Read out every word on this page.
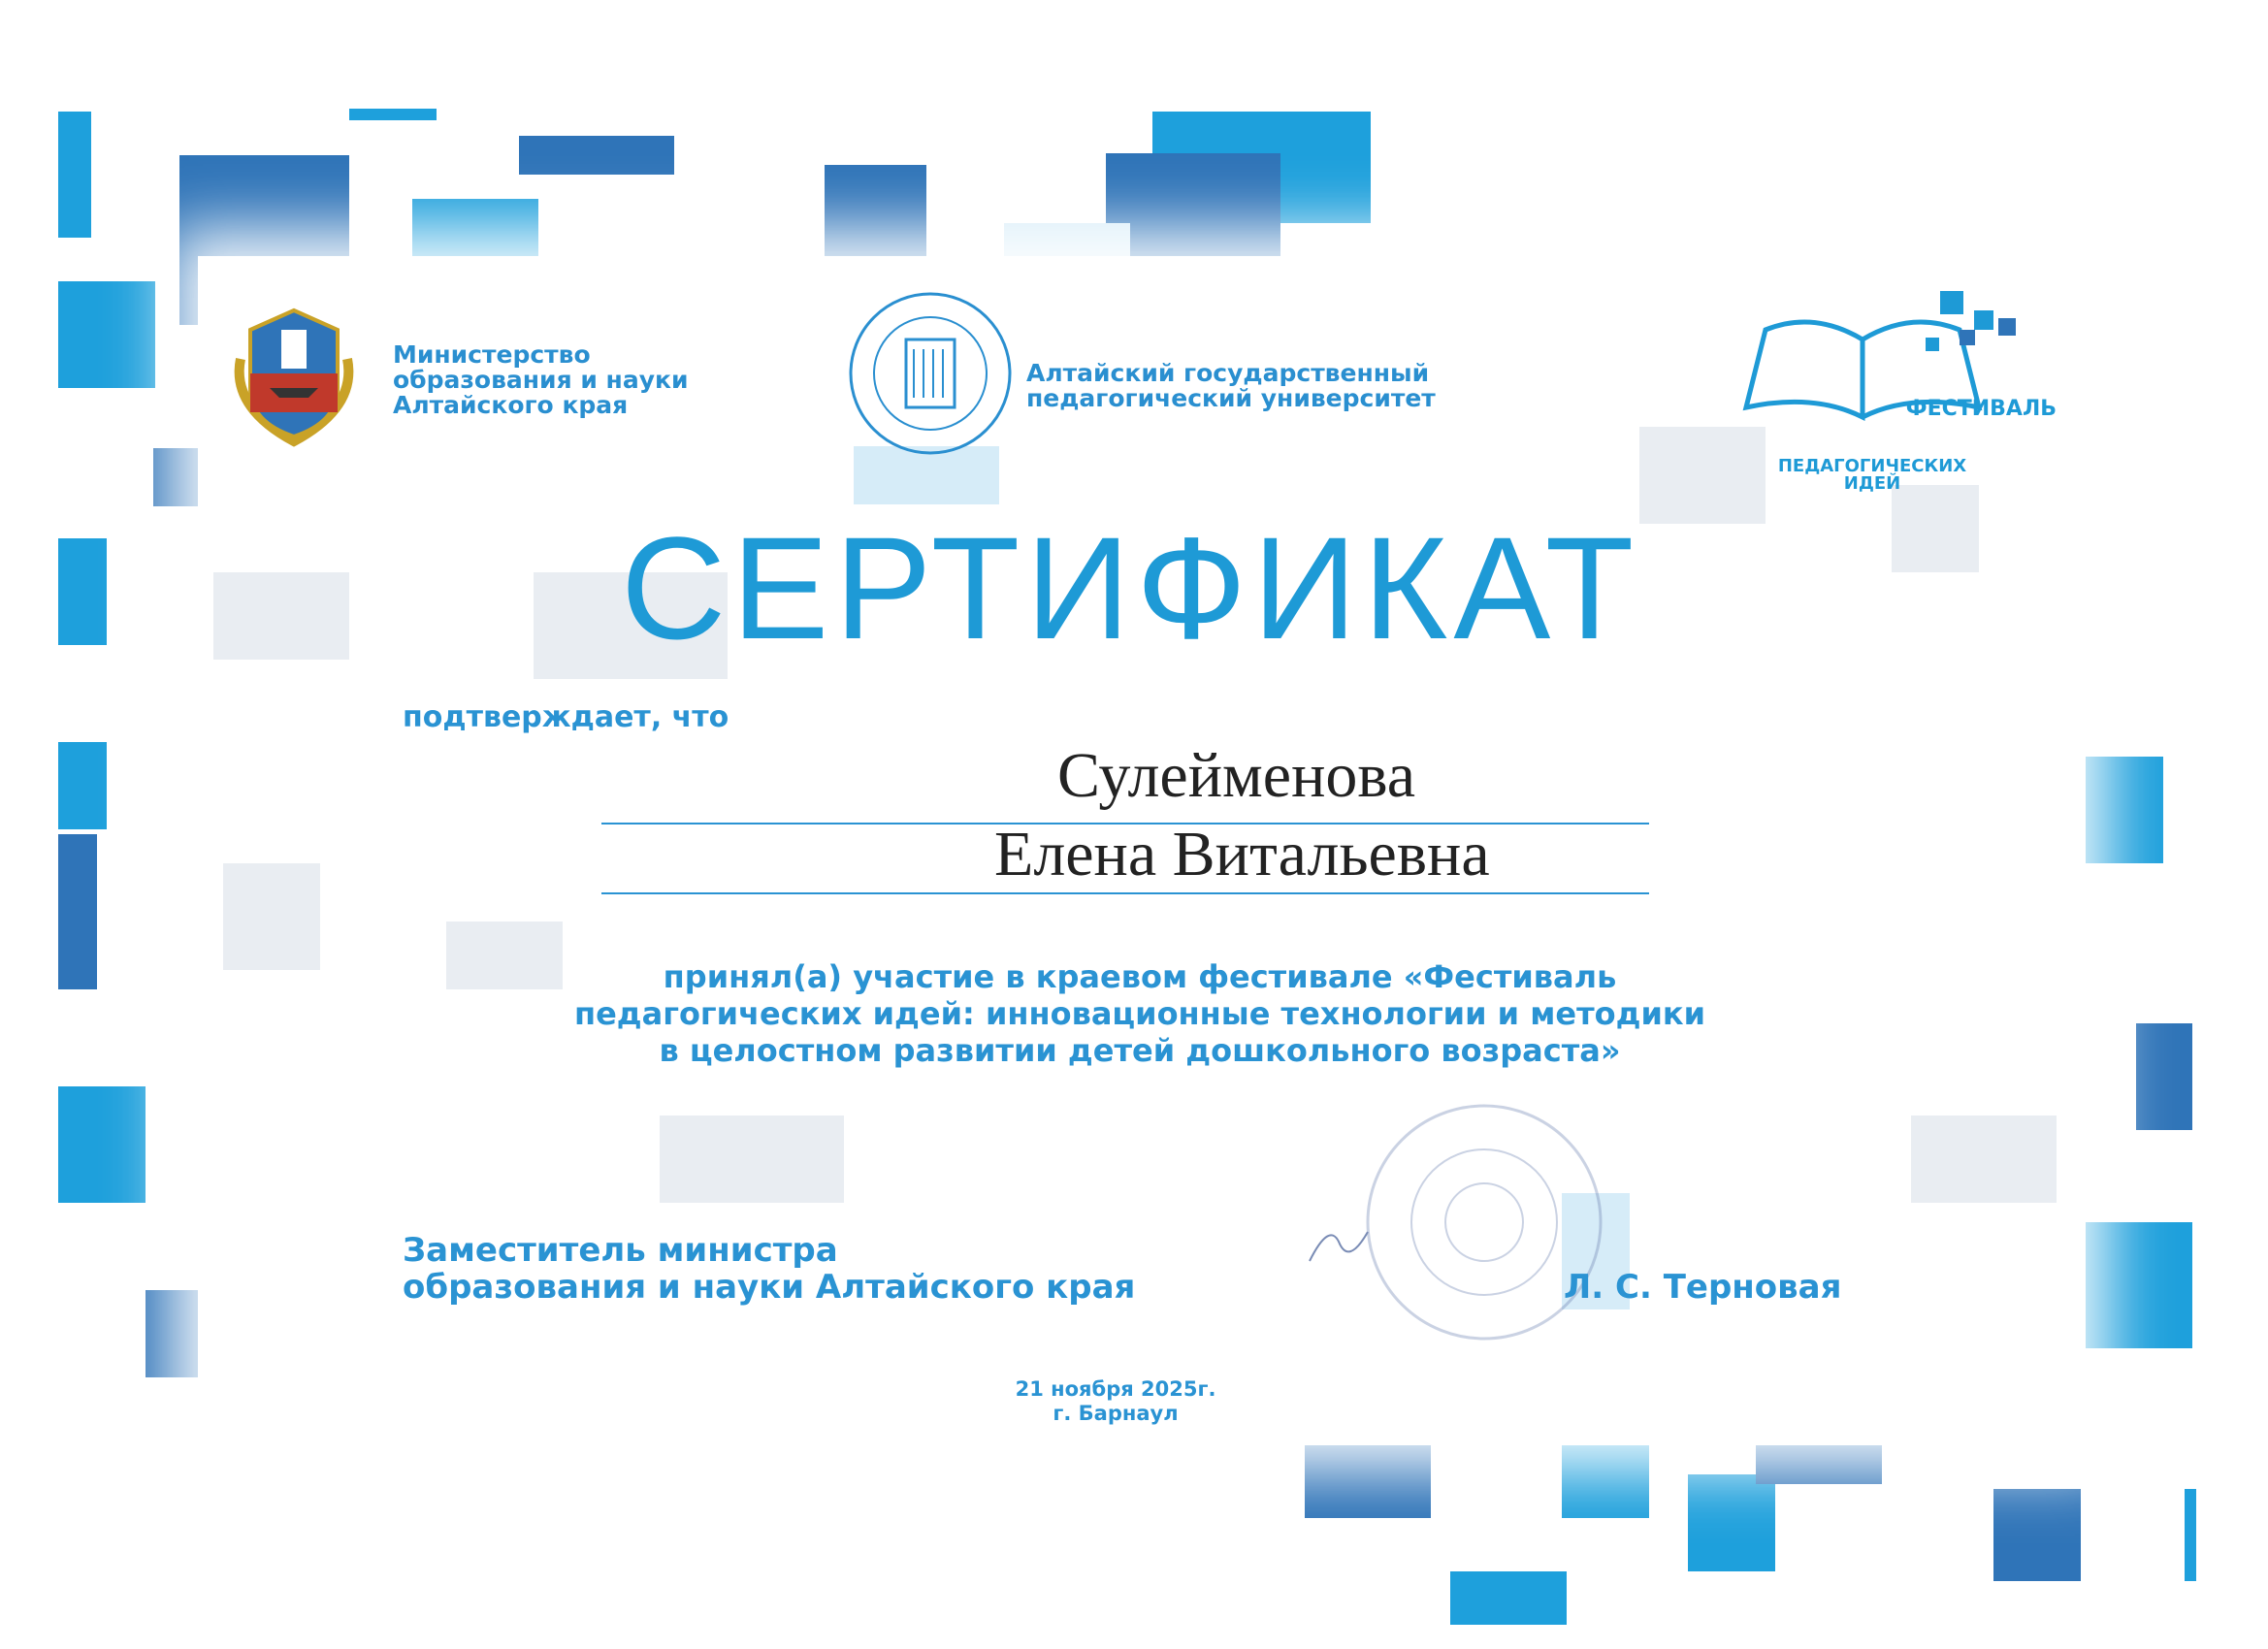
Министерство
образования и науки
Алтайского края
Алтайский государственный
педагогический университет	ФЕСТИВАЛЬ
ПЕДАГОГИЧЕСКИХ
ИДЕЙ
СЕРТИФИКАТ
подтверждает, что
Сулейменова
Елена Витальевна
принял(а) участие в краевом фестивале «Фестиваль
педагогических идей: инновационные технологии и методики
в целостном развитии детей дошкольного возраста»
Заместитель министра
образования и науки Алтайского края	Л. С. Терновая
21 ноября 2025г.
г. Барнаул
